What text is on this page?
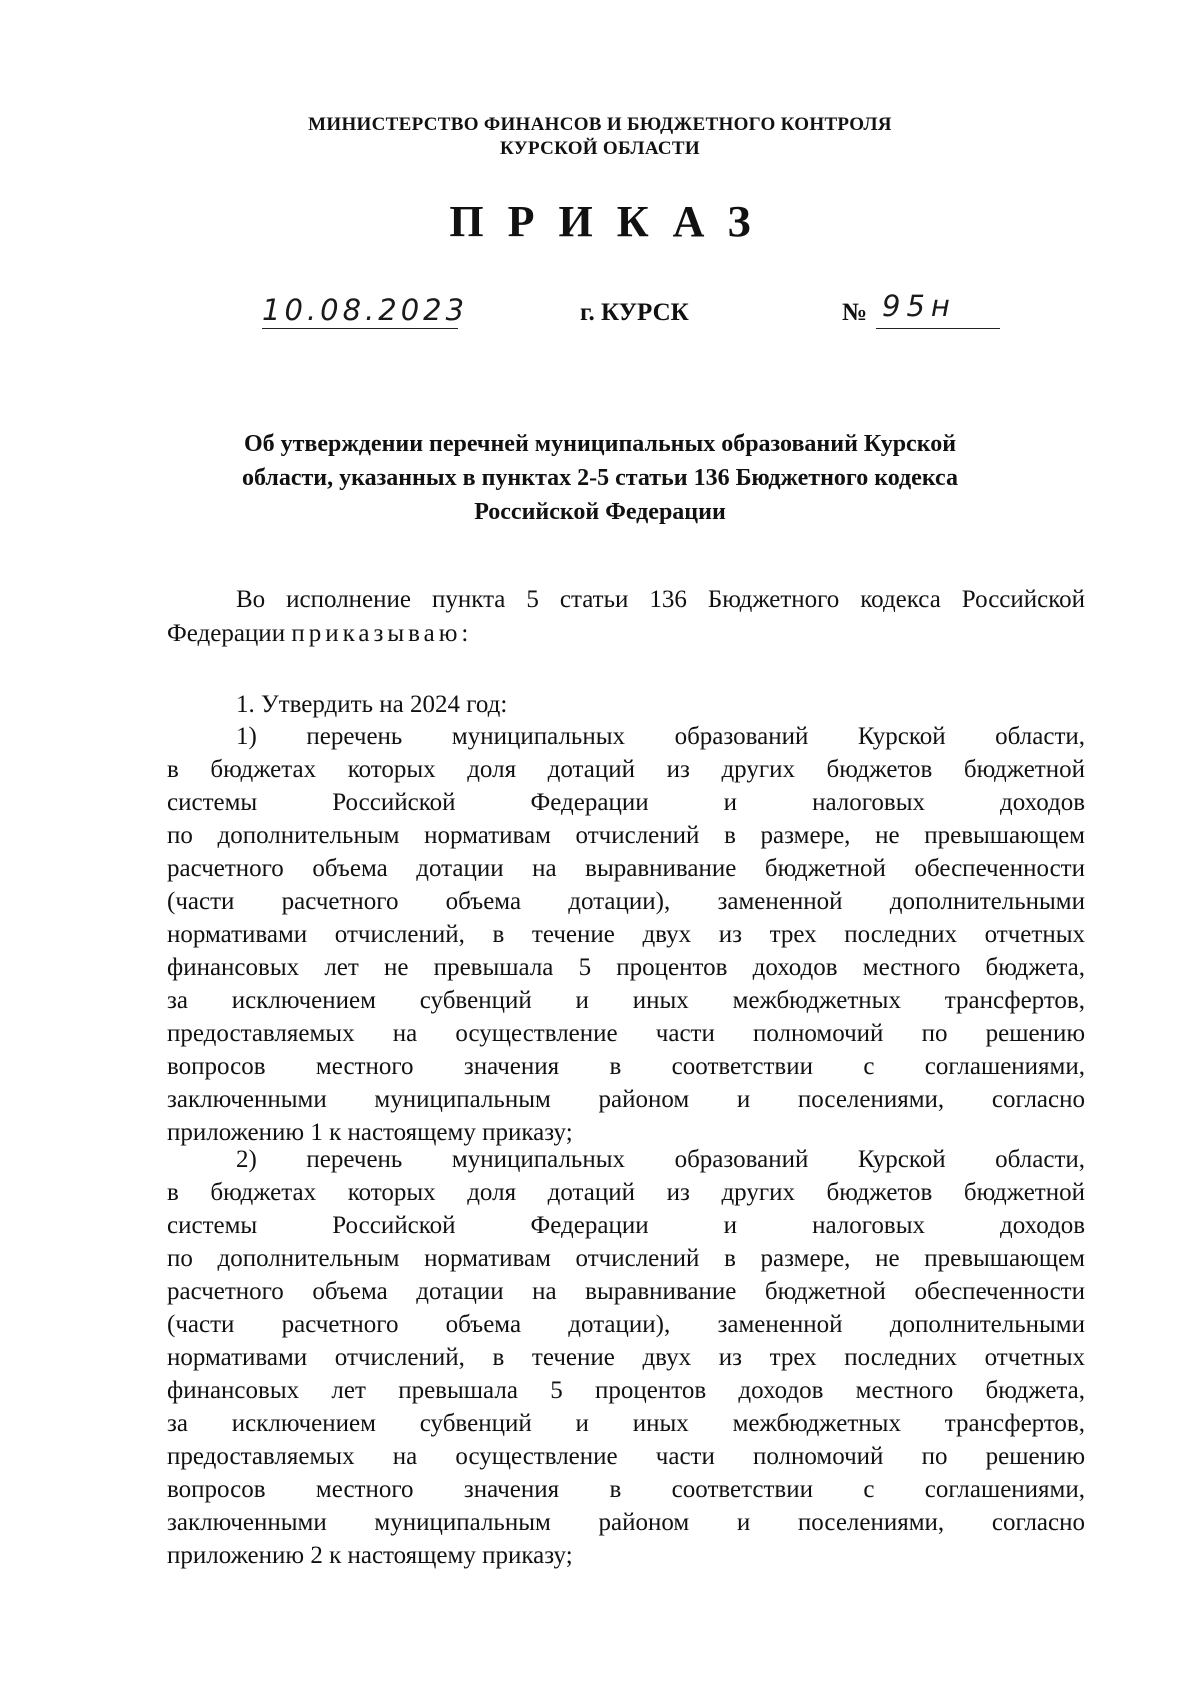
МИНИСТЕРСТВО ФИНАНСОВ И БЮДЖЕТНОГО КОНТРОЛЯ
КУРСКОЙ ОБЛАСТИ
ПРИКАЗ
10.08.2023	г. КУРСК	№ 95н
Об утверждении перечней муниципальных образований Курской
области, указанных в пунктах 2-5 статьи 136 Бюджетного кодекса
Российской Федерации
Во исполнение пункта 5 статьи 136 Бюджетного кодекса Российской
Федерации приказываю:
1. Утвердить на 2024 год:
1) перечень муниципальных образований Курской области,
в бюджетах которых доля дотаций из других бюджетов бюджетной
системы Российской Федерации и налоговых доходов
по дополнительным нормативам отчислений в размере, не превышающем
расчетного объема дотации на выравнивание бюджетной обеспеченности
(части расчетного объема дотации), замененной дополнительными
нормативами отчислений, в течение двух из трех последних отчетных
финансовых лет не превышала 5 процентов доходов местного бюджета,
за исключением субвенций и иных межбюджетных трансфертов,
предоставляемых на осуществление части полномочий по решению
вопросов местного значения в соответствии с соглашениями,
заключенными муниципальным районом и поселениями, согласно
приложению 1 к настоящему приказу;
2) перечень муниципальных образований Курской области,
в бюджетах которых доля дотаций из других бюджетов бюджетной
системы Российской Федерации и налоговых доходов
по дополнительным нормативам отчислений в размере, не превышающем
расчетного объема дотации на выравнивание бюджетной обеспеченности
(части расчетного объема дотации), замененной дополнительными
нормативами отчислений, в течение двух из трех последних отчетных
финансовых лет превышала 5 процентов доходов местного бюджета,
за исключением субвенций и иных межбюджетных трансфертов,
предоставляемых на осуществление части полномочий по решению
вопросов местного значения в соответствии с соглашениями,
заключенными муниципальным районом и поселениями, согласно
приложению 2 к настоящему приказу;
